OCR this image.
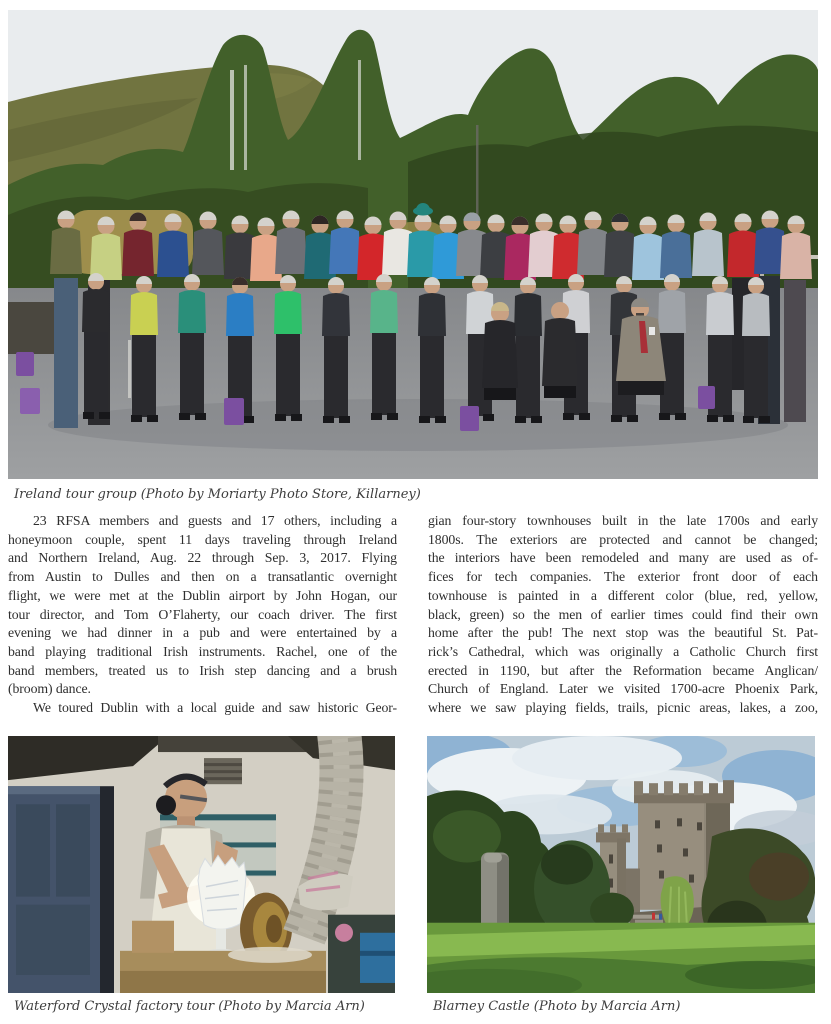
Ireland tour group (Photo by Moriarty Photo Store, Killarney)
23 RFSA members and guests and 17 others, including a
honeymoon couple, spent 11 days traveling through Ireland
and Northern Ireland, Aug. 22 through Sep. 3, 2017. Flying
from Austin to Dulles and then on a transatlantic overnight
flight, we were met at the Dublin airport by John Hogan, our
tour director, and Tom O’Flaherty, our coach driver. The first
evening we had dinner in a pub and were entertained by a
band playing traditional Irish instruments. Rachel, one of the
band members, treated us to Irish step dancing and a brush
(broom) dance.
We toured Dublin with a local guide and saw historic Geor-
gian four-story townhouses built in the late 1700s and early
1800s. The exteriors are protected and cannot be changed;
the interiors have been remodeled and many are used as of-
fices for tech companies. The exterior front door of each
townhouse is painted in a different color (blue, red, yellow,
black, green) so the men of earlier times could find their own
home after the pub! The next stop was the beautiful St. Pat-
rick’s Cathedral, which was originally a Catholic Church first
erected in 1190, but after the Reformation became Anglican/
Church of England. Later we visited 1700-acre Phoenix Park,
where we saw playing fields, trails, picnic areas, lakes, a zoo,
Waterford Crystal factory tour (Photo by Marcia Arn)	Blarney Castle (Photo by Marcia Arn)
